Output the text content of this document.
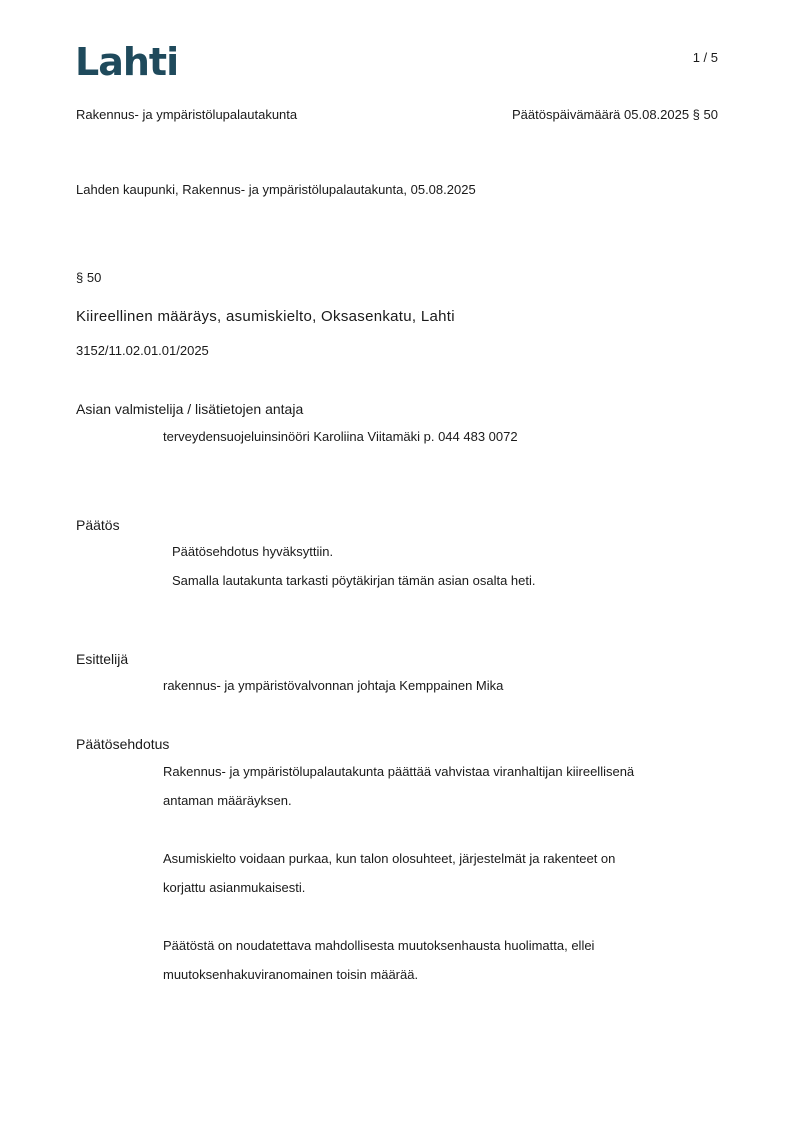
Lahti	1 / 5
Rakennus- ja ympäristölupalautakunta	Päätöspäivämäärä 05.08.2025 § 50
Lahden kaupunki, Rakennus- ja ympäristölupalautakunta, 05.08.2025
§ 50
Kiireellinen määräys, asumiskielto, Oksasenkatu, Lahti
3152/11.02.01.01/2025
Asian valmistelija / lisätietojen antaja
terveydensuojeluinsinööri Karoliina Viitamäki p. 044 483 0072
Päätös
Päätösehdotus hyväksyttiin.
Samalla lautakunta tarkasti pöytäkirjan tämän asian osalta heti.
Esittelijä
rakennus- ja ympäristövalvonnan johtaja Kemppainen Mika
Päätösehdotus
Rakennus- ja ympäristölupalautakunta päättää vahvistaa viranhaltijan kiireellisenä
antaman määräyksen.
Asumiskielto voidaan purkaa, kun talon olosuhteet, järjestelmät ja rakenteet on
korjattu asianmukaisesti.
Päätöstä on noudatettava mahdollisesta muutoksenhausta huolimatta, ellei
muutoksenhakuviranomainen toisin määrää.
